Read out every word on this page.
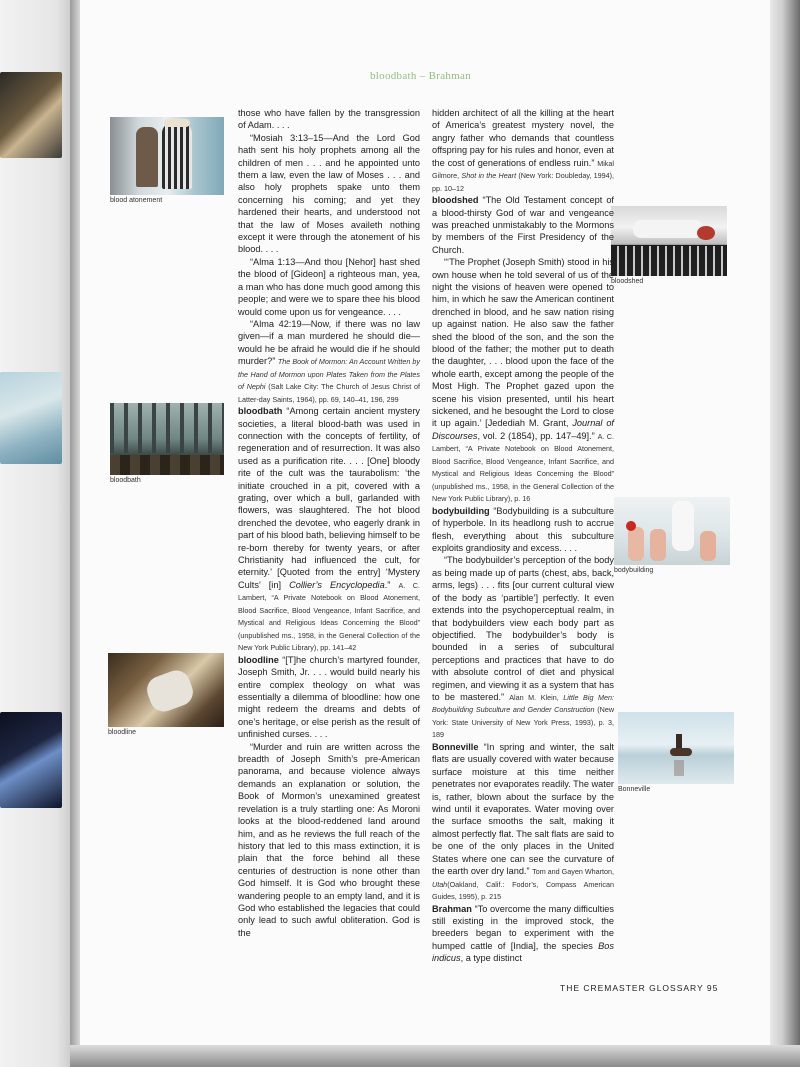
bloodbath – Brahman
blood atonement
bloodbath
bloodline
bloodshed
bodybuilding
Bonneville

those who have fallen by the transgression of Adam. . . .

“Mosiah 3:13–15—And the Lord God hath sent his holy prophets among all the children of men . . . and he appointed unto them a law, even the law of Moses . . . and also holy prophets spake unto them concerning his coming; and yet they hardened their hearts, and understood not that the law of Moses availeth nothing except it were through the atonement of his blood. . . .

“Alma 1:13—And thou [Nehor] hast shed the blood of [Gideon] a righteous man, yea, a man who has done much good among this people; and were we to spare thee his blood would come upon us for vengeance. . . .

“Alma 42:19—Now, if there was no law given—if a man murdered he should die—would he be afraid he would die if he should murder?” The Book of Mormon: An Account Written by the Hand of Mormon upon Plates Taken from the Plates of Nephi (Salt Lake City: The Church of Jesus Christ of Latter-day Saints, 1964), pp. 69, 140–41, 196, 299

bloodbath “Among certain ancient mystery societies, a literal blood-bath was used in connection with the concepts of fertility, of regeneration and of resurrection. It was also used as a purification rite. . . . [One] bloody rite of the cult was the taurabolism: ‘the initiate crouched in a pit, covered with a grating, over which a bull, garlanded with flowers, was slaughtered. The hot blood drenched the devotee, who eagerly drank in part of his blood bath, believing himself to be re-born thereby for twenty years, or after Christianity had influenced the cult, for eternity.’ [Quoted from the entry] ‘Mystery Cults’ [in] Collier’s Encyclopedia.” A. C. Lambert, “A Private Notebook on Blood Atonement, Blood Sacrifice, Blood Vengeance, Infant Sacrifice, and Mystical and Religious Ideas Concerning the Blood” (unpublished ms., 1958, in the General Collection of the New York Public Library), pp. 141–42

bloodline “[T]he church’s martyred founder, Joseph Smith, Jr. . . . would build nearly his entire complex theology on what was essentially a dilemma of bloodline: how one might redeem the dreams and debts of one’s heritage, or else perish as the result of unfinished curses. . . .

“Murder and ruin are written across the breadth of Joseph Smith’s pre-American panorama, and because violence always demands an explanation or solution, the Book of Mormon’s unexamined greatest revelation is a truly startling one: As Moroni looks at the blood-reddened land around him, and as he reviews the full reach of the history that led to this mass extinction, it is plain that the force behind all these centuries of destruction is none other than God himself. It is God who brought these wandering people to an empty land, and it is God who established the legacies that could only lead to such awful obliteration. God is the

hidden architect of all the killing at the heart of America’s greatest mystery novel, the angry father who demands that countless offspring pay for his rules and honor, even at the cost of generations of endless ruin.” Mikal Gilmore, Shot in the Heart (New York: Doubleday, 1994), pp. 10–12

bloodshed “The Old Testament concept of a blood-thirsty God of war and vengeance was preached unmistakably to the Mormons by members of the First Presidency of the Church.

“‘The Prophet (Joseph Smith) stood in his own house when he told several of us of the night the visions of heaven were opened to him, in which he saw the American continent drenched in blood, and he saw nation rising up against nation. He also saw the father shed the blood of the son, and the son the blood of the father; the mother put to death the daughter, . . . blood upon the face of the whole earth, except among the people of the Most High. The Prophet gazed upon the scene his vision presented, until his heart sickened, and he besought the Lord to close it up again.’ [Jedediah M. Grant, Journal of Discourses, vol. 2 (1854), pp. 147–49].” A. C. Lambert, “A Private Notebook on Blood Atonement, Blood Sacrifice, Blood Vengeance, Infant Sacrifice, and Mystical and Religious Ideas Concerning the Blood” (unpublished ms., 1958, in the General Collection of the New York Public Library), p. 16

bodybuilding “Bodybuilding is a subculture of hyperbole. In its headlong rush to accrue flesh, everything about this subculture exploits grandiosity and excess. . . .

“The bodybuilder’s perception of the body as being made up of parts (chest, abs, back, arms, legs) . . . fits [our current cultural view of the body as ‘partible’] perfectly. It even extends into the psychoperceptual realm, in that bodybuilders view each body part as objectified. The bodybuilder’s body is bounded in a series of subcultural perceptions and practices that have to do with absolute control of diet and physical regimen, and viewing it as a system that has to be mastered.” Alan M. Klein, Little Big Men: Bodybuilding Subculture and Gender Construction (New York: State University of New York Press, 1993), p. 3, 189

Bonneville “In spring and winter, the salt flats are usually covered with water because surface moisture at this time neither penetrates nor evaporates readily. The water is, rather, blown about the surface by the wind until it evaporates. Water moving over the surface smooths the salt, making it almost perfectly flat. The salt flats are said to be one of the only places in the United States where one can see the curvature of the earth over dry land.” Tom and Gayen Wharton, Utah(Oakland, Calif.: Fodor’s, Compass American Guides, 1995), p. 215

Brahman “To overcome the many difficulties still existing in the improved stock, the breeders began to experiment with the humped cattle of [India], the species Bos indicus, a type distinct

THE CREMASTER GLOSSARY 95
